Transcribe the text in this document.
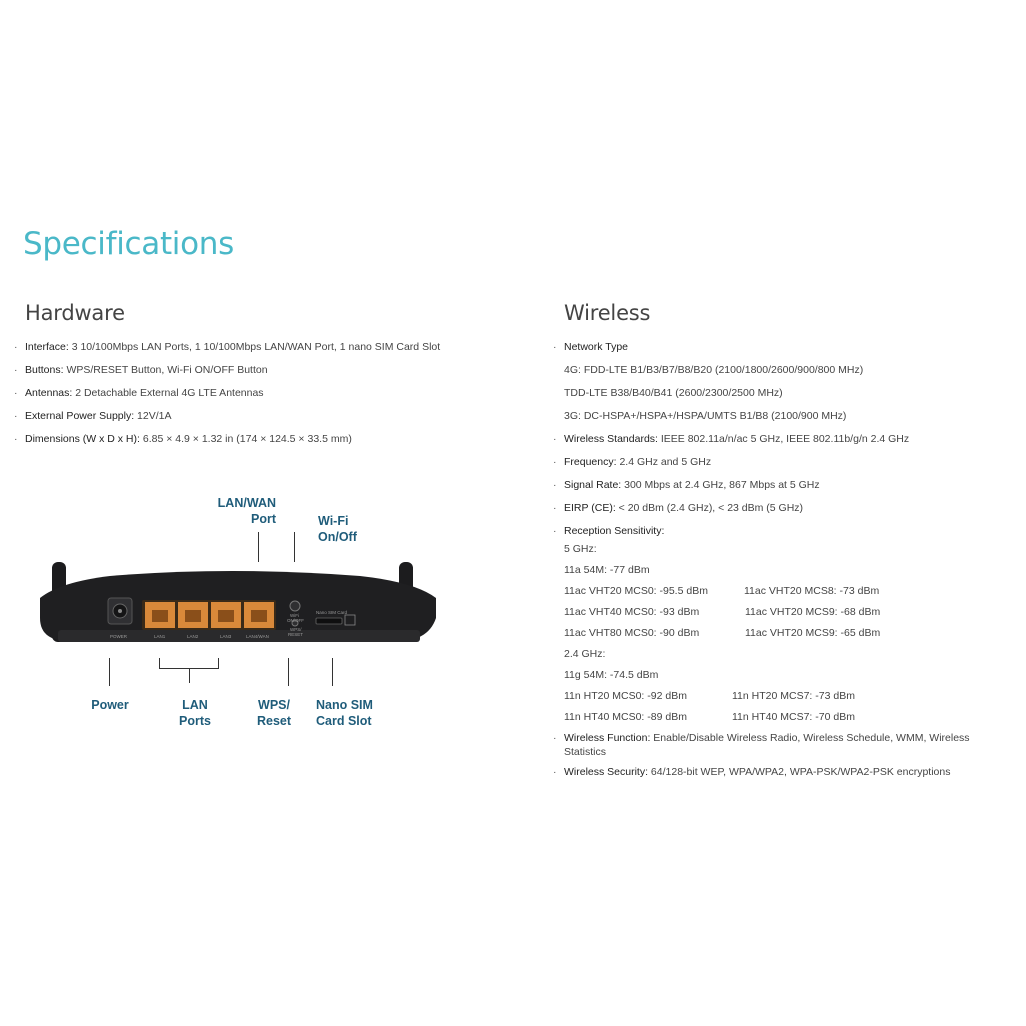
Specifications
Hardware
· Interface: 3 10/100Mbps LAN Ports, 1 10/100Mbps LAN/WAN Port, 1 nano SIM Card Slot
· Buttons: WPS/RESET Button, Wi-Fi ON/OFF Button
· Antennas: 2 Detachable External 4G LTE Antennas
· External Power Supply: 12V/1A
· Dimensions (W x D x H): 6.85 × 4.9 × 1.32 in (174 × 124.5 × 33.5 mm)
POWER	LAN1	LAN2	LAN3	LAN4/WAN
WiFi
ON/OFF
WPS/
RESET
Nano SIM Card
LAN/WAN
Port	Wi-Fi
On/Off
Power	LAN
Ports
WPS/
Reset
Nano SIM
Card Slot
Wireless
· Network Type
4G: FDD-LTE B1/B3/B7/B8/B20 (2100/1800/2600/900/800 MHz)
TDD-LTE B38/B40/B41 (2600/2300/2500 MHz)
3G: DC-HSPA+/HSPA+/HSPA/UMTS B1/B8 (2100/900 MHz)
· Wireless Standards: IEEE 802.11a/n/ac 5 GHz, IEEE 802.11b/g/n 2.4 GHz
· Frequency: 2.4 GHz and 5 GHz
· Signal Rate: 300 Mbps at 2.4 GHz, 867 Mbps at 5 GHz
· EIRP (CE): < 20 dBm (2.4 GHz), < 23 dBm (5 GHz)
· Reception Sensitivity:
5 GHz:
11a 54M: -77 dBm
11ac VHT20 MCS0: -95.5 dBm	11ac VHT20 MCS8: -73 dBm
11ac VHT40 MCS0: -93 dBm	11ac VHT20 MCS9: -68 dBm
11ac VHT80 MCS0: -90 dBm	11ac VHT20 MCS9: -65 dBm
2.4 GHz:
11g 54M: -74.5 dBm
11n HT20 MCS0: -92 dBm	11n HT20 MCS7: -73 dBm
11n HT40 MCS0: -89 dBm	11n HT40 MCS7: -70 dBm
· Wireless Function: Enable/Disable Wireless Radio, Wireless Schedule, WMM, Wireless Statistics
· Wireless Security: 64/128-bit WEP, WPA/WPA2, WPA-PSK/WPA2-PSK encryptions
